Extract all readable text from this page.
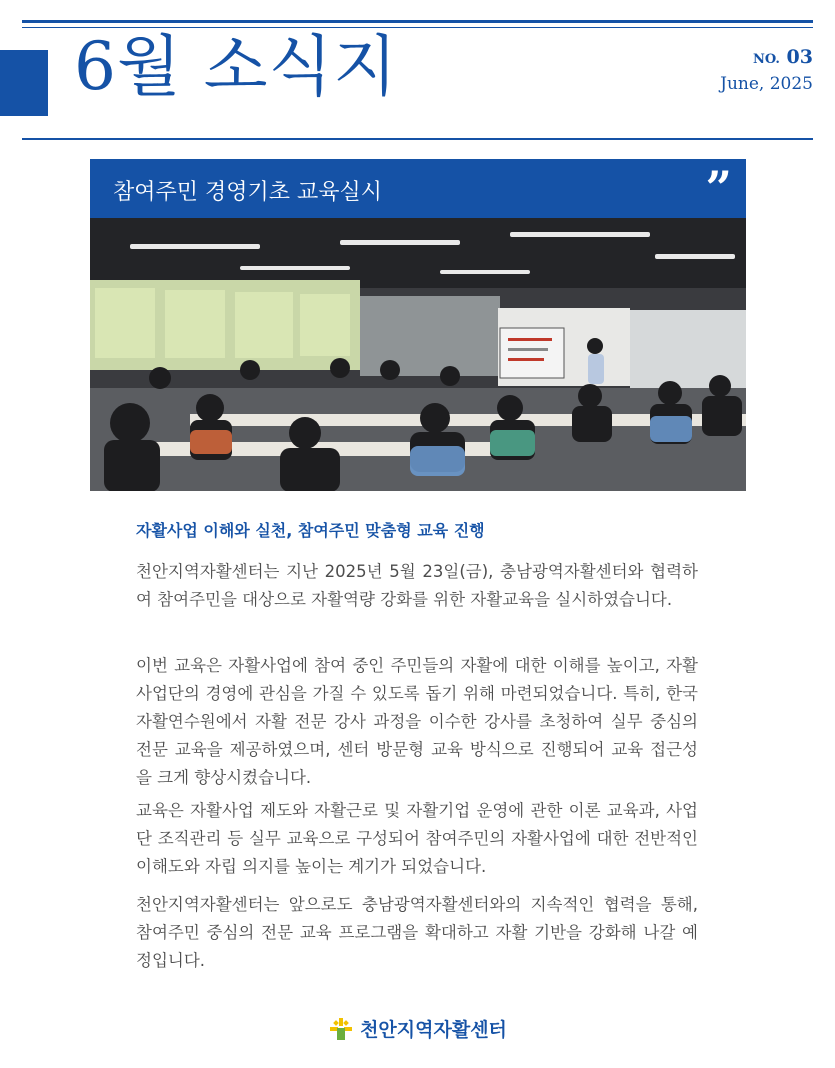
6월 소식지	NO. 03
June, 2025
참여주민 경영기초 교육실시	”
자활사업 이해와 실천, 참여주민 맞춤형 교육 진행

천안지역자활센터는 지난 2025년 5월 23일(금), 충남광역자활센터와 협력하여 참여주민을 대상으로 자활역량 강화를 위한 자활교육을 실시하였습니다.

이번 교육은 자활사업에 참여 중인 주민들의 자활에 대한 이해를 높이고, 자활사업단의 경영에 관심을 가질 수 있도록 돕기 위해 마련되었습니다. 특히, 한국자활연수원에서 자활 전문 강사 과정을 이수한 강사를 초청하여 실무 중심의 전문 교육을 제공하였으며, 센터 방문형 교육 방식으로 진행되어 교육 접근성을 크게 향상시켰습니다.

교육은 자활사업 제도와 자활근로 및 자활기업 운영에 관한 이론 교육과, 사업단 조직관리 등 실무 교육으로 구성되어 참여주민의 자활사업에 대한 전반적인 이해도와 자립 의지를 높이는 계기가 되었습니다.

천안지역자활센터는 앞으로도 충남광역자활센터와의 지속적인 협력을 통해, 참여주민 중심의 전문 교육 프로그램을 확대하고 자활 기반을 강화해 나갈 예정입니다.

천안지역자활센터
